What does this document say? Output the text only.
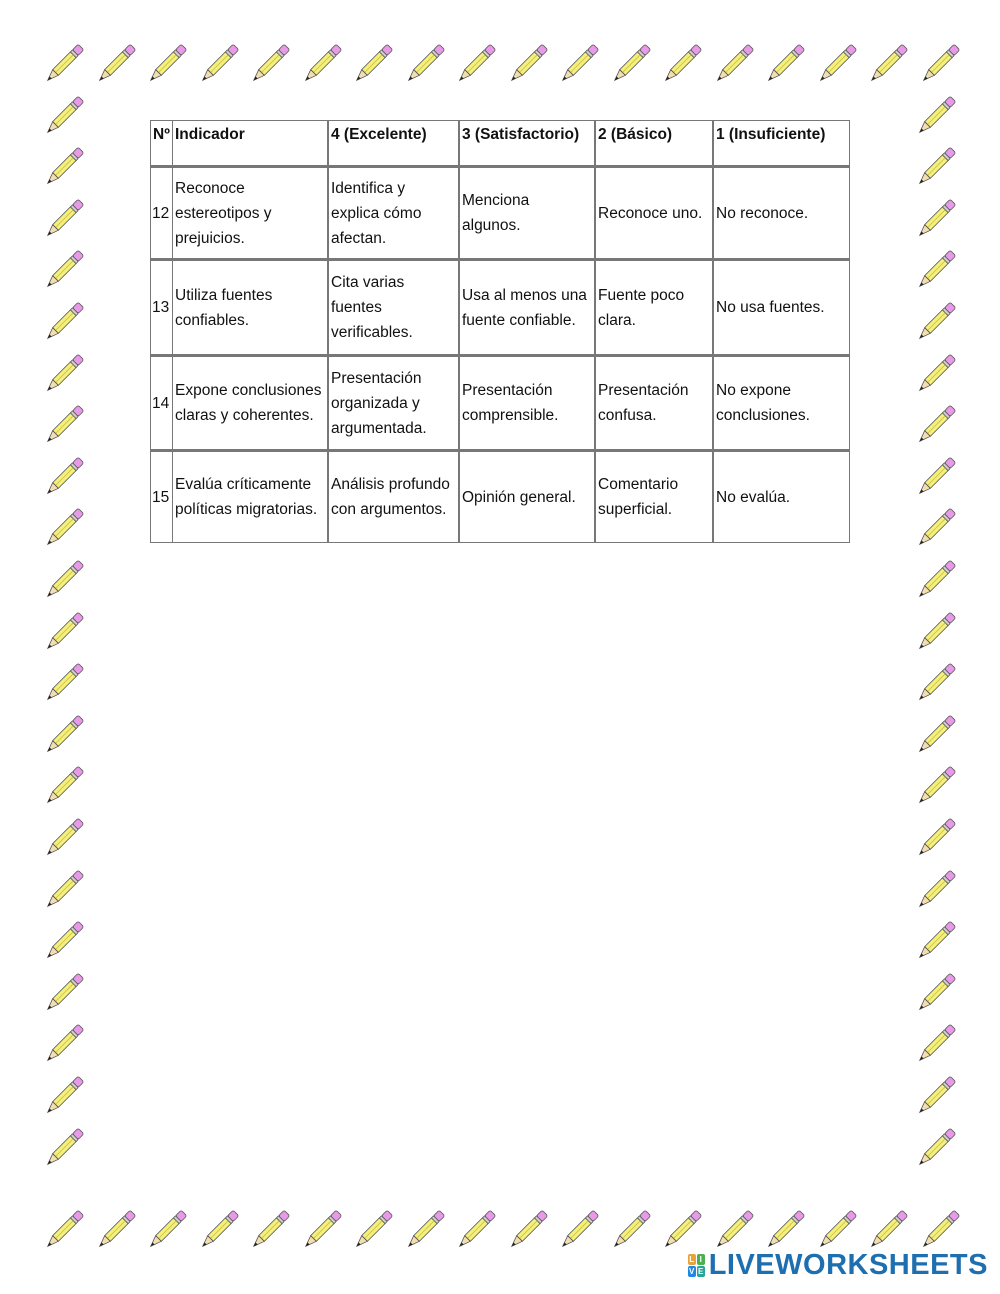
Nº	Indicador	4 (Excelente)	3 (Satisfactorio)	2 (Básico)	1 (Insuficiente)
12	Reconoce estereotipos y prejuicios.	Identifica y explica cómo afectan.	Menciona algunos.	Reconoce uno.	No reconoce.
13	Utiliza fuentes confiables.	Cita varias fuentes verificables.	Usa al menos una fuente confiable.	Fuente poco clara.	No usa fuentes.
14	Expone conclusiones claras y coherentes.	Presentación organizada y argumentada.	Presentación comprensible.	Presentación confusa.	No expone conclusiones.
15	Evalúa críticamente políticas migratorias.	Análisis profundo con argumentos.	Opinión general.	Comentario superficial.	No evalúa.
L I
V E LIVEWORKSHEETS
